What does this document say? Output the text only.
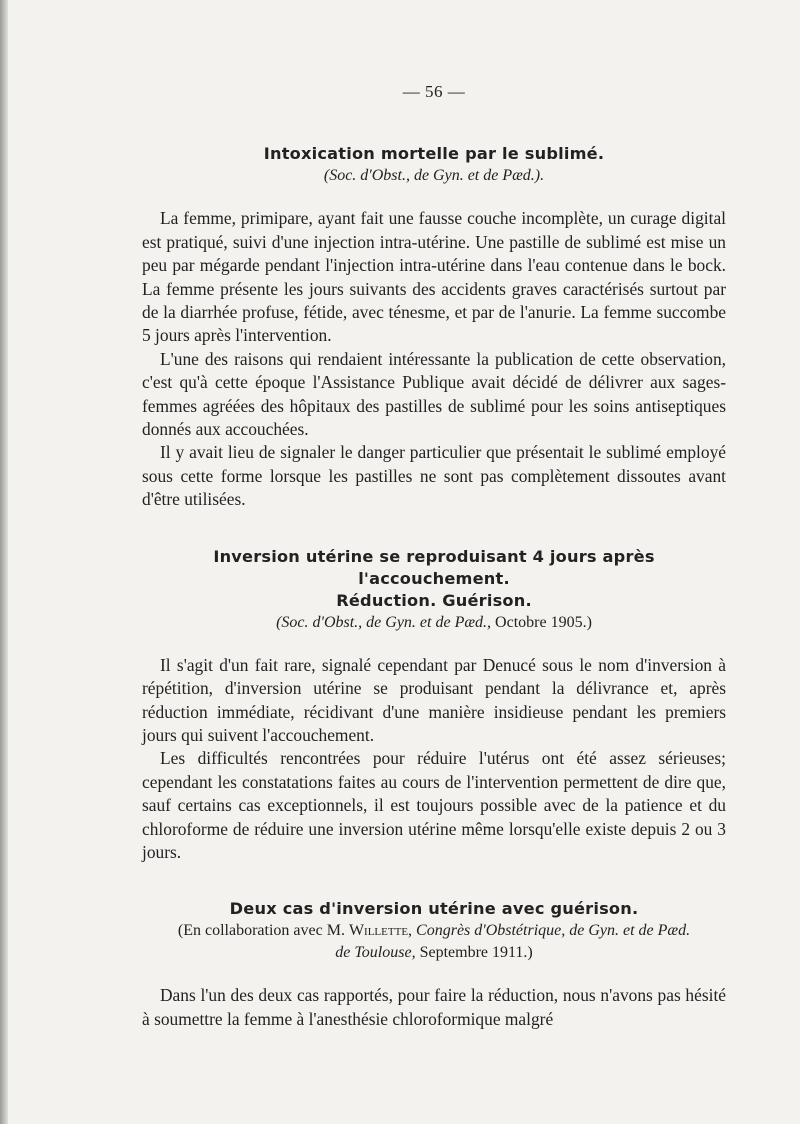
— 56 —
Intoxication mortelle par le sublimé.
(Soc. d'Obst., de Gyn. et de Pæd.).

La femme, primipare, ayant fait une fausse couche incomplète, un curage digital est pratiqué, suivi d'une injection intra-utérine. Une pastille de sublimé est mise un peu par mégarde pendant l'injection intra-utérine dans l'eau contenue dans le bock. La femme présente les jours suivants des accidents graves caractérisés surtout par de la diarrhée profuse, fétide, avec ténesme, et par de l'anurie. La femme succombe 5 jours après l'intervention.

L'une des raisons qui rendaient intéressante la publication de cette observation, c'est qu'à cette époque l'Assistance Publique avait décidé de délivrer aux sages-femmes agréées des hôpitaux des pastilles de sublimé pour les soins antiseptiques donnés aux accouchées.

Il y avait lieu de signaler le danger particulier que présentait le sublimé employé sous cette forme lorsque les pastilles ne sont pas complètement dissoutes avant d'être utilisées.

Inversion utérine se reproduisant 4 jours après l'accouchement.
Réduction. Guérison.
(Soc. d'Obst., de Gyn. et de Pæd., Octobre 1905.)

Il s'agit d'un fait rare, signalé cependant par Denucé sous le nom d'inversion à répétition, d'inversion utérine se produisant pendant la délivrance et, après réduction immédiate, récidivant d'une manière insidieuse pendant les premiers jours qui suivent l'accouchement.

Les difficultés rencontrées pour réduire l'utérus ont été assez sérieuses; cependant les constatations faites au cours de l'intervention permettent de dire que, sauf certains cas exceptionnels, il est toujours possible avec de la patience et du chloroforme de réduire une inversion utérine même lorsqu'elle existe depuis 2 ou 3 jours.

Deux cas d'inversion utérine avec guérison.
(En collaboration avec M. Willette, Congrès d'Obstétrique, de Gyn. et de Pæd.
de Toulouse, Septembre 1911.)

Dans l'un des deux cas rapportés, pour faire la réduction, nous n'avons pas hésité à soumettre la femme à l'anesthésie chloroformique malgré
